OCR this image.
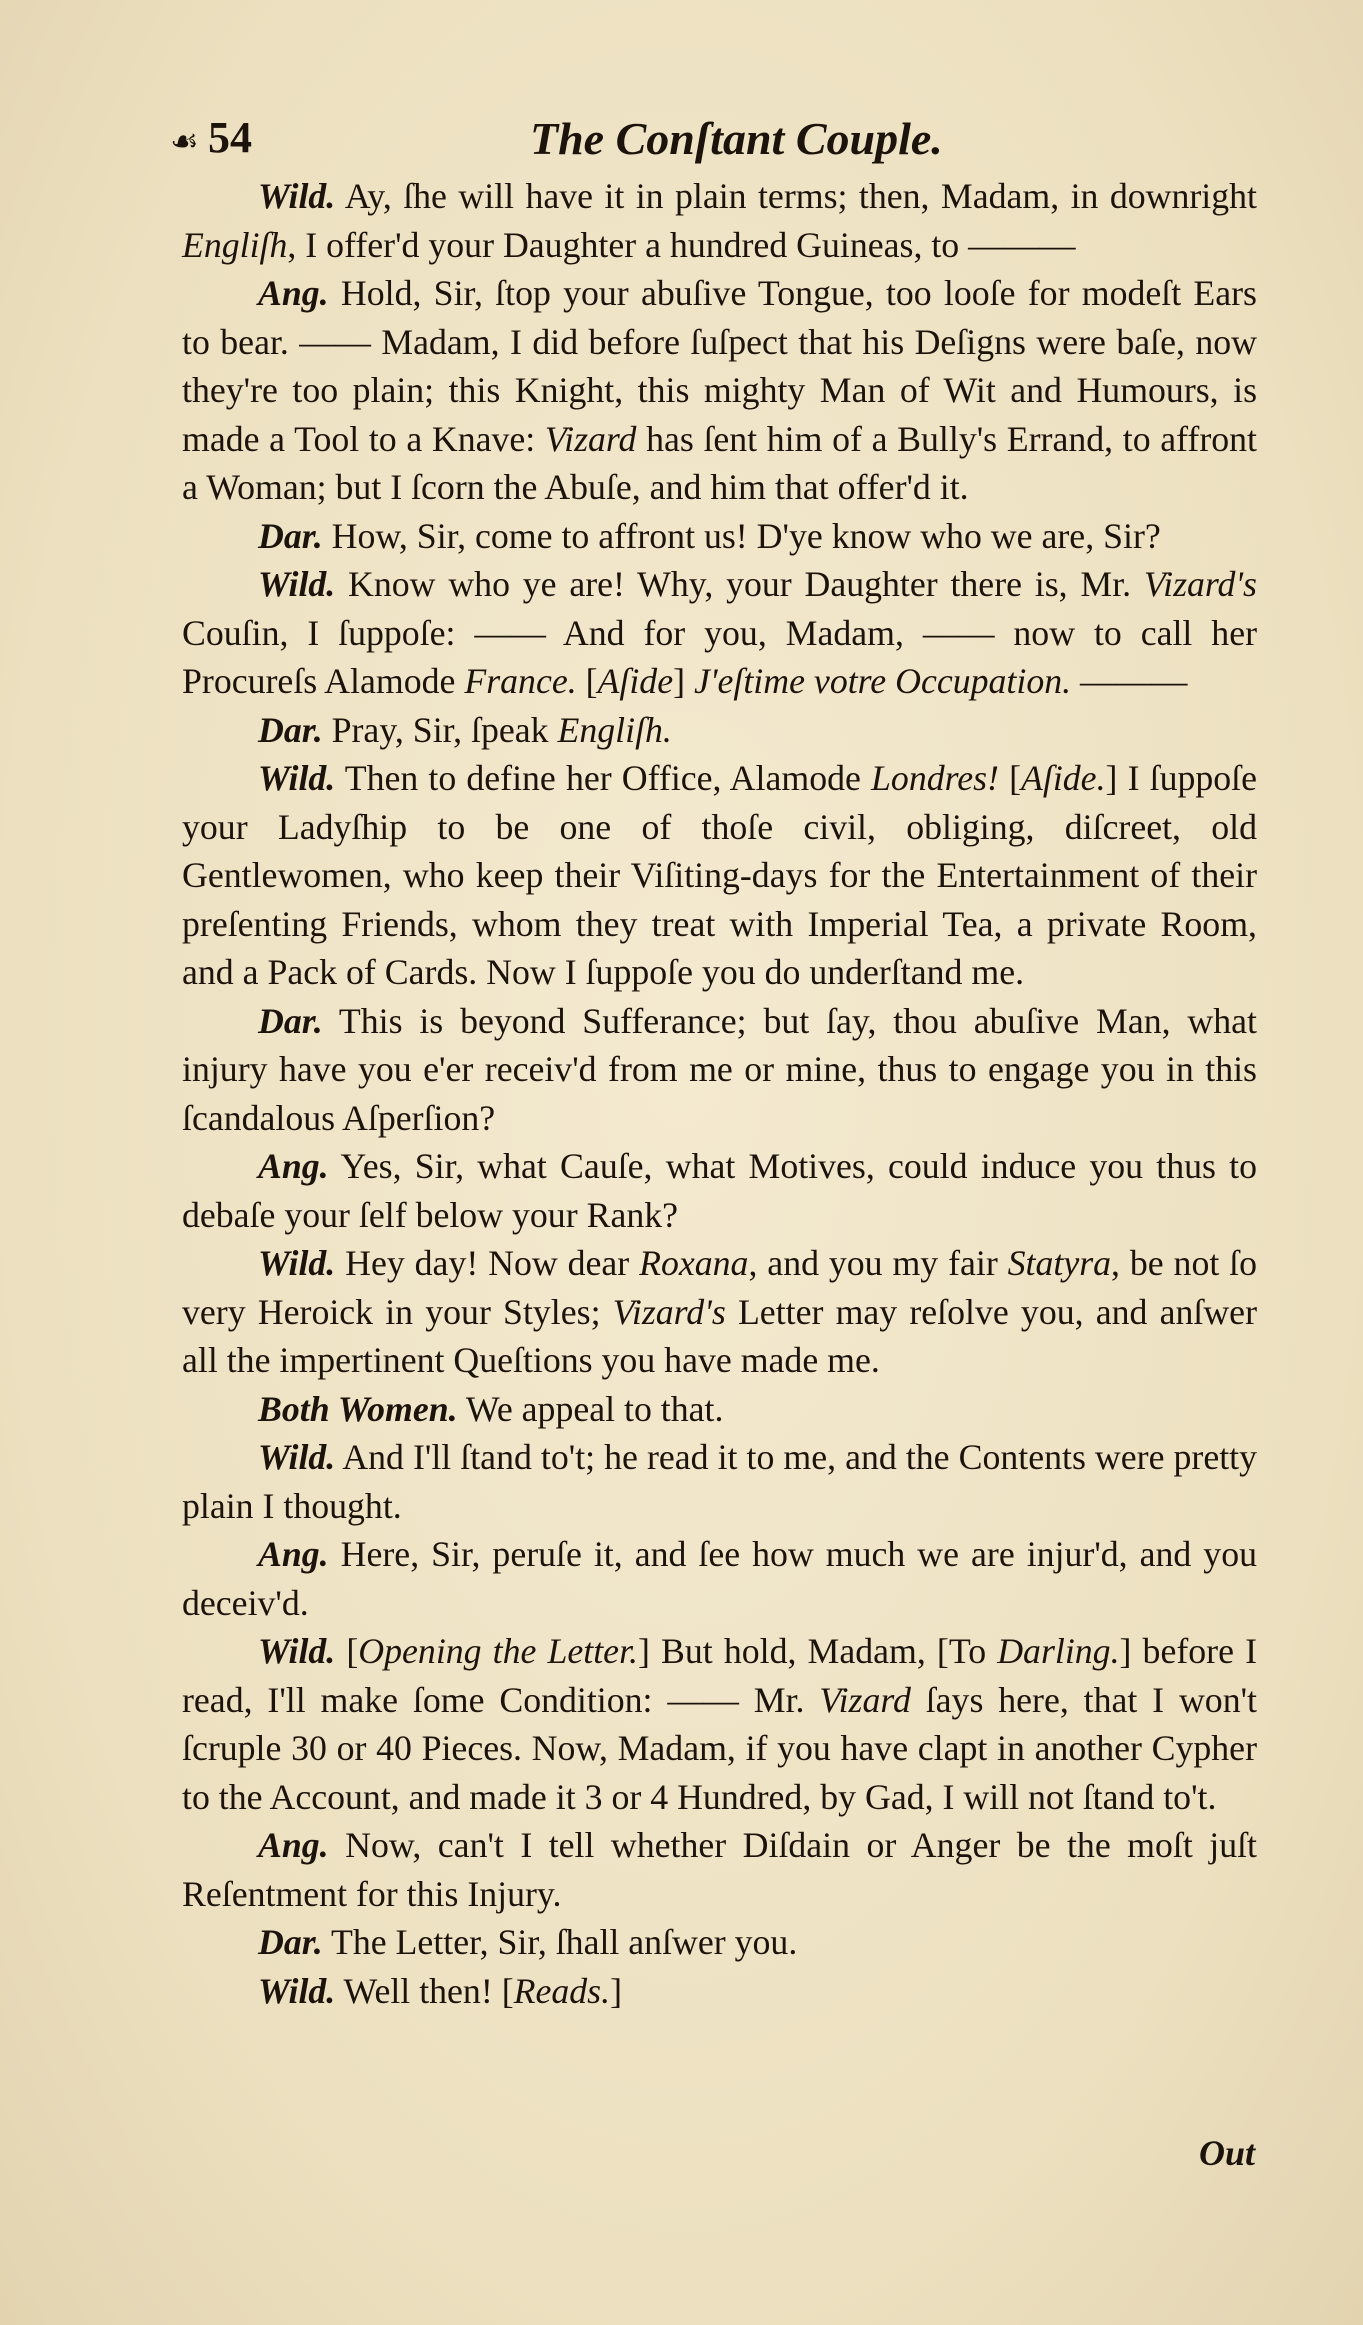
☙ 54	The Conſtant Couple.

Wild. Ay, ſhe will have it in plain terms; then, Madam, in downright Engliſh, I offer'd your Daughter a hundred Guineas, to ———

Ang. Hold, Sir, ſtop your abuſive Tongue, too looſe for modeſt Ears to bear. —— Madam, I did before ſuſpect that his Deſigns were baſe, now they're too plain; this Knight, this mighty Man of Wit and Humours, is made a Tool to a Knave: Vizard has ſent him of a Bully's Errand, to affront a Woman; but I ſcorn the Abuſe, and him that offer'd it.

Dar. How, Sir, come to affront us! D'ye know who we are, Sir?

Wild. Know who ye are! Why, your Daughter there is, Mr. Vizard's Couſin, I ſuppoſe: —— And for you, Madam, —— now to call her Procureſs Alamode France. [Aſide] J'eſtime votre Occupation. ———

Dar. Pray, Sir, ſpeak Engliſh.

Wild. Then to define her Office, Alamode Londres! [Aſide.] I ſuppoſe your Ladyſhip to be one of thoſe civil, obliging, diſcreet, old Gentlewomen, who keep their Viſiting-days for the Entertainment of their preſenting Friends, whom they treat with Imperial Tea, a private Room, and a Pack of Cards. Now I ſuppoſe you do underſtand me.

Dar. This is beyond Sufferance; but ſay, thou abuſive Man, what injury have you e'er receiv'd from me or mine, thus to engage you in this ſcandalous Aſperſion?

Ang. Yes, Sir, what Cauſe, what Motives, could induce you thus to debaſe your ſelf below your Rank?

Wild. Hey day! Now dear Roxana, and you my fair Statyra, be not ſo very Heroick in your Styles; Vizard's Letter may reſolve you, and anſwer all the impertinent Queſtions you have made me.

Both Women. We appeal to that.

Wild. And I'll ſtand to't; he read it to me, and the Contents were pretty plain I thought.

Ang. Here, Sir, peruſe it, and ſee how much we are injur'd, and you deceiv'd.

Wild. [Opening the Letter.] But hold, Madam, [To Darling.] before I read, I'll make ſome Condition: —— Mr. Vizard ſays here, that I won't ſcruple 30 or 40 Pieces. Now, Madam, if you have clapt in another Cypher to the Account, and made it 3 or 4 Hundred, by Gad, I will not ſtand to't.

Ang. Now, can't I tell whether Diſdain or Anger be the moſt juſt Reſentment for this Injury.

Dar. The Letter, Sir, ſhall anſwer you.

Wild. Well then! [Reads.]

Out
